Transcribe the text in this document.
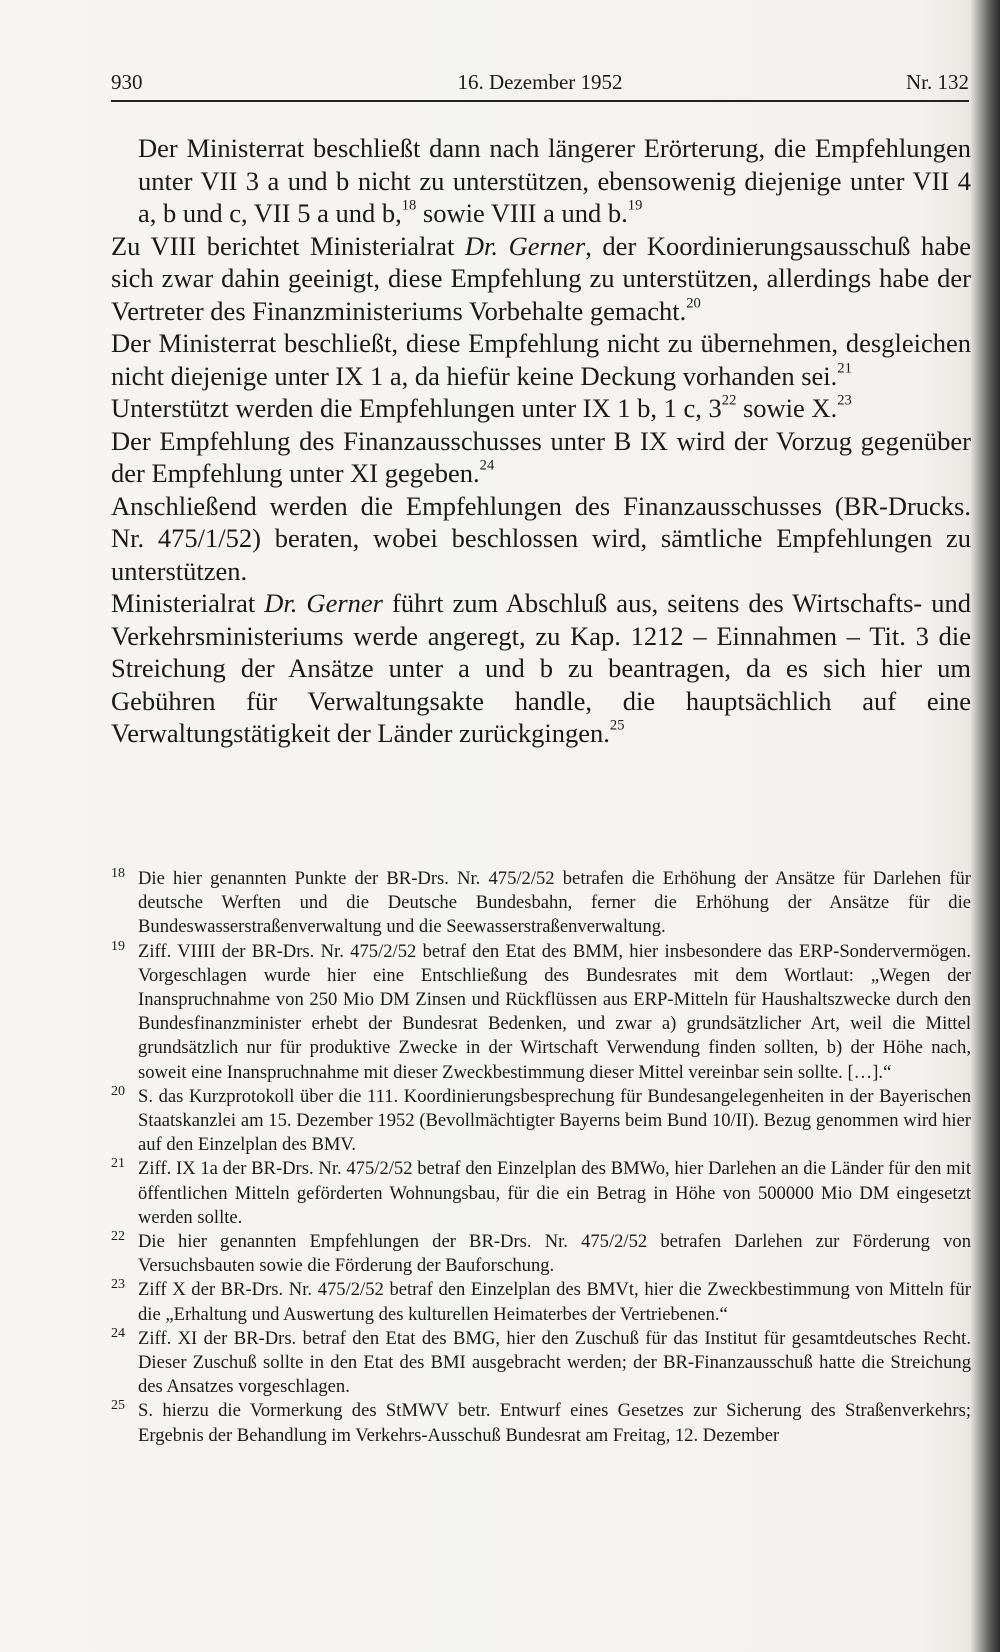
930	16. Dezember 1952	Nr. 132

Der Ministerrat beschließt dann nach längerer Erörterung, die Empfehlungen unter VII 3 a und b nicht zu unterstützen, ebensowenig diejenige unter VII 4 a, b und c, VII 5 a und b,$^{18}$ sowie VIII a und b.$^{19}$

Zu VIII berichtet Ministerialrat Dr. Gerner, der Koordinierungsausschuß habe sich zwar dahin geeinigt, diese Empfehlung zu unterstützen, allerdings habe der Vertreter des Finanzministeriums Vorbehalte gemacht.$^{20}$

Der Ministerrat beschließt, diese Empfehlung nicht zu übernehmen, desgleichen nicht diejenige unter IX 1 a, da hiefür keine Deckung vorhanden sei.$^{21}$

Unterstützt werden die Empfehlungen unter IX 1 b, 1 c, $3^{22}$ sowie X.$^{23}$

Der Empfehlung des Finanzausschusses unter B IX wird der Vorzug gegenüber der Empfehlung unter XI gegeben.$^{24}$

Anschließend werden die Empfehlungen des Finanzausschusses (BR-Drucks. Nr. 475/1/52) beraten, wobei beschlossen wird, sämtliche Empfehlungen zu unterstützen.

Ministerialrat Dr. Gerner führt zum Abschluß aus, seitens des Wirtschafts- und Verkehrsministeriums werde angeregt, zu Kap. 1212 – Einnahmen – Tit. 3 die Streichung der Ansätze unter a und b zu beantragen, da es sich hier um Gebühren für Verwaltungsakte handle, die hauptsächlich auf eine Verwaltungstätigkeit der Länder zurückgingen.$^{25}$

18 Die hier genannten Punkte der BR-Drs. Nr. 475/2/52 betrafen die Erhöhung der Ansätze für Darlehen für deutsche Werften und die Deutsche Bundesbahn, ferner die Erhöhung der Ansätze für die Bundeswasserstraßenverwaltung und die Seewasserstraßenverwaltung.
19 Ziff. VIIII der BR-Drs. Nr. 475/2/52 betraf den Etat des BMM, hier insbesondere das ERP-Sondervermögen. Vorgeschlagen wurde hier eine Entschließung des Bundesrates mit dem Wortlaut: „Wegen der Inanspruchnahme von 250 Mio DM Zinsen und Rückflüssen aus ERP-Mitteln für Haushaltszwecke durch den Bundesfinanzminister erhebt der Bundesrat Bedenken, und zwar a) grundsätzlicher Art, weil die Mittel grundsätzlich nur für produktive Zwecke in der Wirtschaft Verwendung finden sollten, b) der Höhe nach, soweit eine Inanspruchnahme mit dieser Zweckbestimmung dieser Mittel vereinbar sein sollte. […].“
20 S. das Kurzprotokoll über die 111. Koordinierungsbesprechung für Bundesangelegenheiten in der Bayerischen Staatskanzlei am 15. Dezember 1952 (Bevollmächtigter Bayerns beim Bund 10/II). Bezug genommen wird hier auf den Einzelplan des BMV.
21 Ziff. IX 1a der BR-Drs. Nr. 475/2/52 betraf den Einzelplan des BMWo, hier Darlehen an die Länder für den mit öffentlichen Mitteln geförderten Wohnungsbau, für die ein Betrag in Höhe von 500000 Mio DM eingesetzt werden sollte.
22 Die hier genannten Empfehlungen der BR-Drs. Nr. 475/2/52 betrafen Darlehen zur Förderung von Versuchsbauten sowie die Förderung der Bauforschung.
23 Ziff X der BR-Drs. Nr. 475/2/52 betraf den Einzelplan des BMVt, hier die Zweckbestimmung von Mitteln für die „Erhaltung und Auswertung des kulturellen Heimaterbes der Vertriebenen.“
24 Ziff. XI der BR-Drs. betraf den Etat des BMG, hier den Zuschuß für das Institut für gesamtdeutsches Recht. Dieser Zuschuß sollte in den Etat des BMI ausgebracht werden; der BR-Finanzausschuß hatte die Streichung des Ansatzes vorgeschlagen.
25 S. hierzu die Vormerkung des StMWV betr. Entwurf eines Gesetzes zur Sicherung des Straßenverkehrs; Ergebnis der Behandlung im Verkehrs-Ausschuß Bundesrat am Freitag, 12. Dezember
